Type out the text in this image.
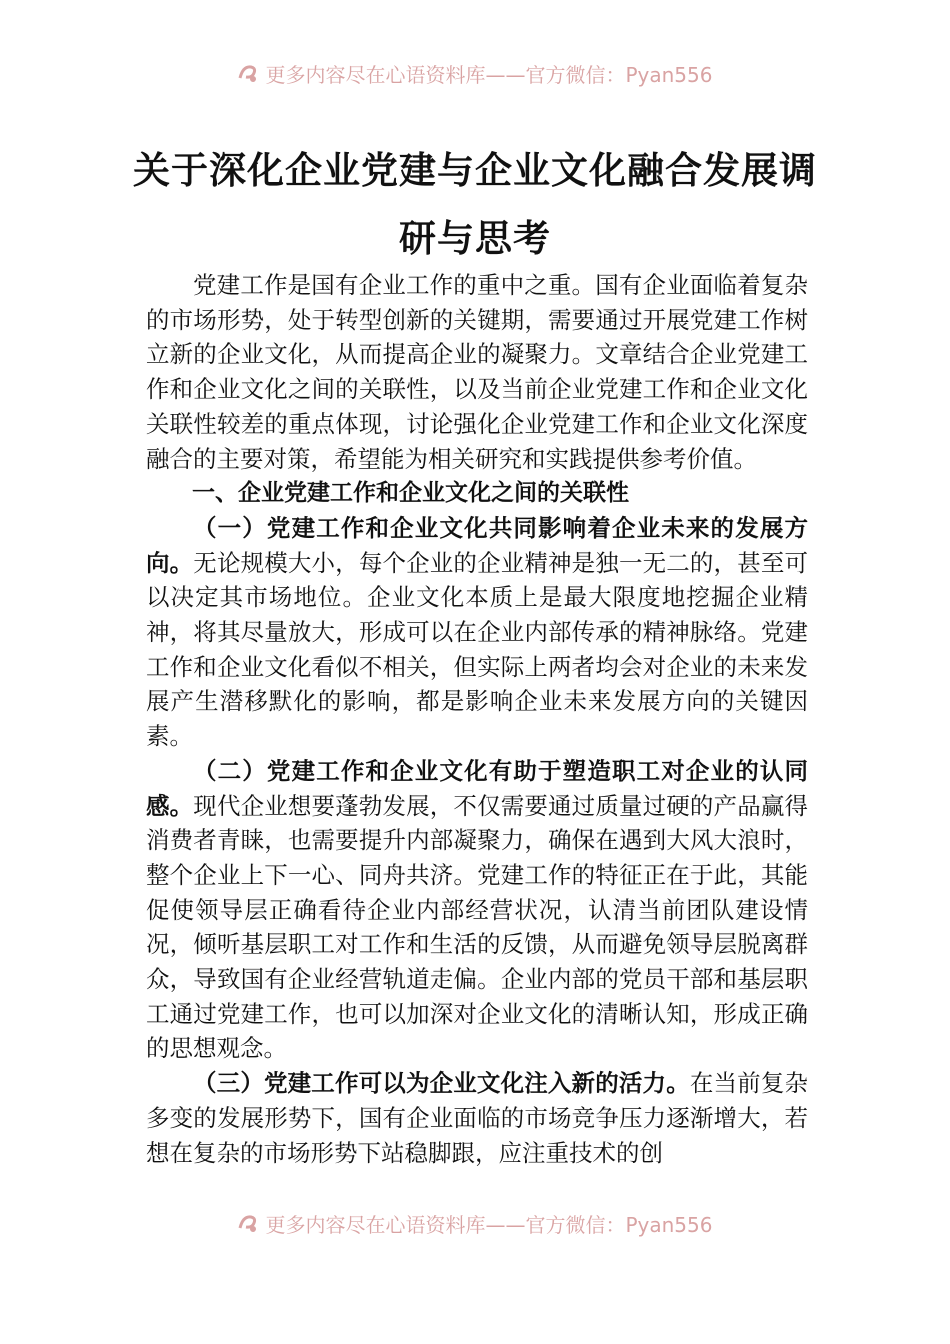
更多内容尽在心语资料库——官方微信：Pyan556
关于深化企业党建与企业文化融合发展调
研与思考

党建工作是国有企业工作的重中之重。国有企业面临着复杂的市场形势，处于转型创新的关键期，需要通过开展党建工作树立新的企业文化，从而提高企业的凝聚力。文章结合企业党建工作和企业文化之间的关联性，以及当前企业党建工作和企业文化关联性较差的重点体现，讨论强化企业党建工作和企业文化深度融合的主要对策，希望能为相关研究和实践提供参考价值。

一、企业党建工作和企业文化之间的关联性

（一）党建工作和企业文化共同影响着企业未来的发展方向。无论规模大小，每个企业的企业精神是独一无二的，甚至可以决定其市场地位。企业文化本质上是最大限度地挖掘企业精神，将其尽量放大，形成可以在企业内部传承的精神脉络。党建工作和企业文化看似不相关，但实际上两者均会对企业的未来发展产生潜移默化的影响，都是影响企业未来发展方向的关键因素。

（二）党建工作和企业文化有助于塑造职工对企业的认同感。现代企业想要蓬勃发展，不仅需要通过质量过硬的产品赢得消费者青睐，也需要提升内部凝聚力，确保在遇到大风大浪时，整个企业上下一心、同舟共济。党建工作的特征正在于此，其能促使领导层正确看待企业内部经营状况，认清当前团队建设情况，倾听基层职工对工作和生活的反馈，从而避免领导层脱离群众，导致国有企业经营轨道走偏。企业内部的党员干部和基层职工通过党建工作，也可以加深对企业文化的清晰认知，形成正确的思想观念。

（三）党建工作可以为企业文化注入新的活力。在当前复杂多变的发展形势下，国有企业面临的市场竞争压力逐渐增大，若想在复杂的市场形势下站稳脚跟，应注重技术的创

更多内容尽在心语资料库——官方微信：Pyan556
